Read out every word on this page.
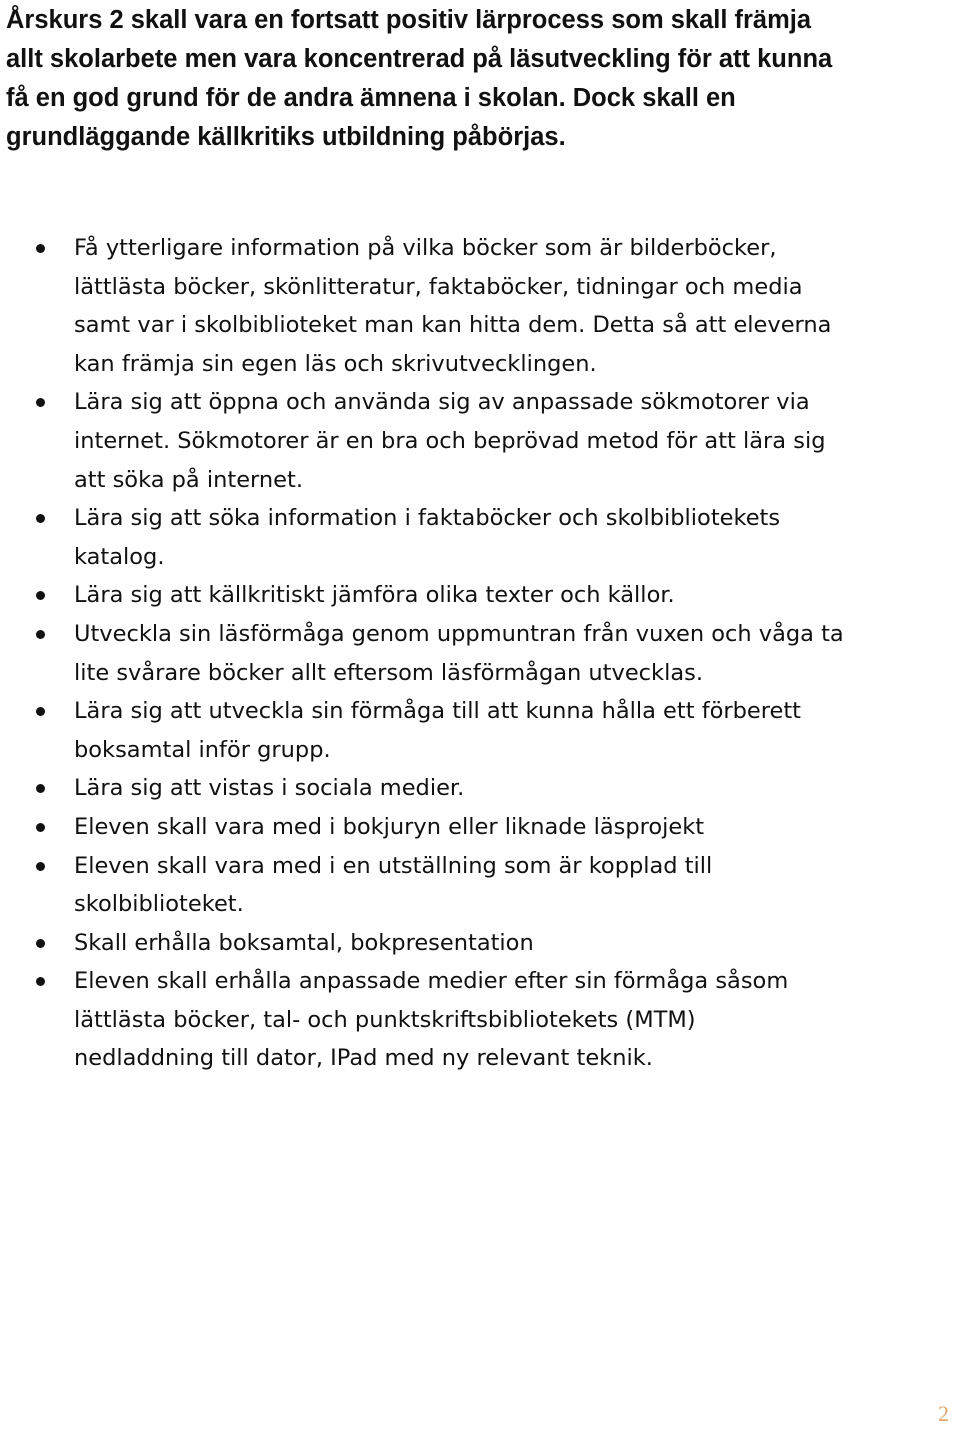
Årskurs 2 skall vara en fortsatt positiv lärprocess som skall främja
allt skolarbete men vara koncentrerad på läsutveckling för att kunna
få en god grund för de andra ämnena i skolan. Dock skall en
grundläggande källkritiks utbildning påbörjas.

Få ytterligare information på vilka böcker som är bilderböcker,
lättlästa böcker, skönlitteratur, faktaböcker, tidningar och media
samt var i skolbiblioteket man kan hitta dem. Detta så att eleverna
kan främja sin egen läs och skrivutvecklingen.
Lära sig att öppna och använda sig av anpassade sökmotorer via
internet. Sökmotorer är en bra och beprövad metod för att lära sig
att söka på internet.
Lära sig att söka information i faktaböcker och skolbibliotekets
katalog.
Lära sig att källkritiskt jämföra olika texter och källor.
Utveckla sin läsförmåga genom uppmuntran från vuxen och våga ta
lite svårare böcker allt eftersom läsförmågan utvecklas.
Lära sig att utveckla sin förmåga till att kunna hålla ett förberett
boksamtal inför grupp.
Lära sig att vistas i sociala medier.
Eleven skall vara med i bokjuryn eller liknade läsprojekt
Eleven skall vara med i en utställning som är kopplad till
skolbiblioteket.
Skall erhålla boksamtal, bokpresentation
Eleven skall erhålla anpassade medier efter sin förmåga såsom
lättlästa böcker, tal- och punktskriftsbibliotekets (MTM)
nedladdning till dator, IPad med ny relevant teknik.
2
